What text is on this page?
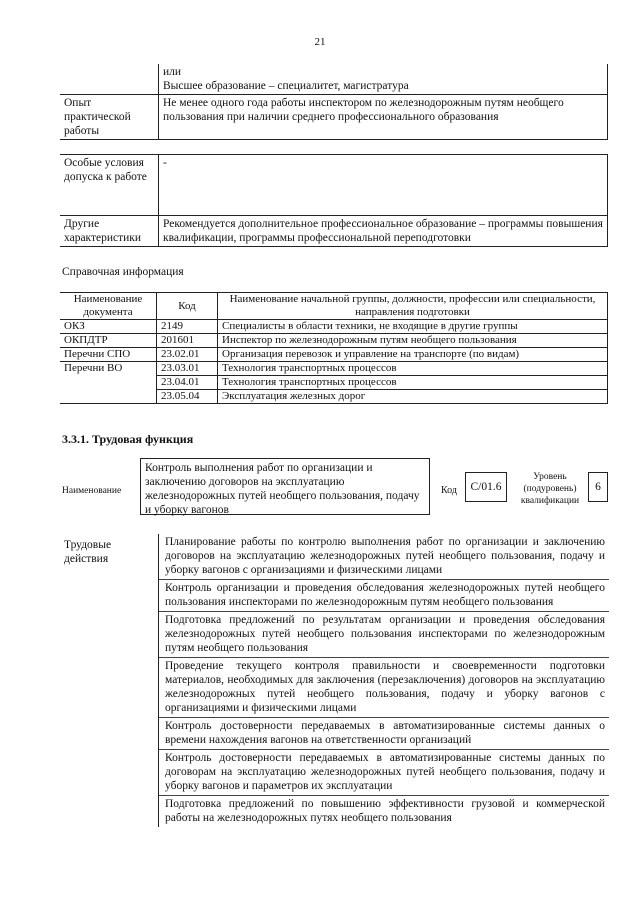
21

	или
Высшее образование – специалитет, магистратура

Опыт практической работы	Не менее одного года работы инспектором по железнодорожным путям необщего пользования при наличии среднего профессионального образования
Особые условия допуска к работе	-
Другие характеристики	Рекомендуется дополнительное профессиональное образование – программы повышения квалификации, программы профессиональной переподготовки
Справочная информация
Наименование документа	Код	Наименование начальной группы, должности, профессии или специальности, направления подготовки
ОКЗ	2149	Специалисты в области техники, не входящие в другие группы
ОКПДТР	201601	Инспектор по железнодорожным путям необщего пользования
Перечни СПО	23.02.01	Организация перевозок и управление на транспорте (по видам)
Перечни ВО	23.03.01	Технология транспортных процессов
	23.04.01	Технология транспортных процессов
	23.05.04	Эксплуатация железных дорог
3.3.1. Трудовая функция
Наименование
Контроль выполнения работ по организации и заключению договоров на эксплуатацию железнодорожных путей необщего пользования, подачу и уборку вагонов
Код	C/01.6
Уровень (подуровень) квалификации
6
Трудовые действия
Планирование работы по контролю выполнения работ по организации и заключению договоров на эксплуатацию железнодорожных путей необщего пользования, подачу и уборку вагонов с организациями и физическими лицами
Контроль организации и проведения обследования железнодорожных путей необщего пользования инспекторами по железнодорожным путям необщего пользования
Подготовка предложений по результатам организации и проведения обследования железнодорожных путей необщего пользования инспекторами по железнодорожным путям необщего пользования
Проведение текущего контроля правильности и своевременности подготовки материалов, необходимых для заключения (перезаключения) договоров на эксплуатацию железнодорожных путей необщего пользования, подачу и уборку вагонов с организациями и физическими лицами
Контроль достоверности передаваемых в автоматизированные системы данных о времени нахождения вагонов на ответственности организаций
Контроль достоверности передаваемых в автоматизированные системы данных по договорам на эксплуатацию железнодорожных путей необщего пользования, подачу и уборку вагонов и параметров их эксплуатации
Подготовка предложений по повышению эффективности грузовой и коммерческой работы на железнодорожных путях необщего пользования
